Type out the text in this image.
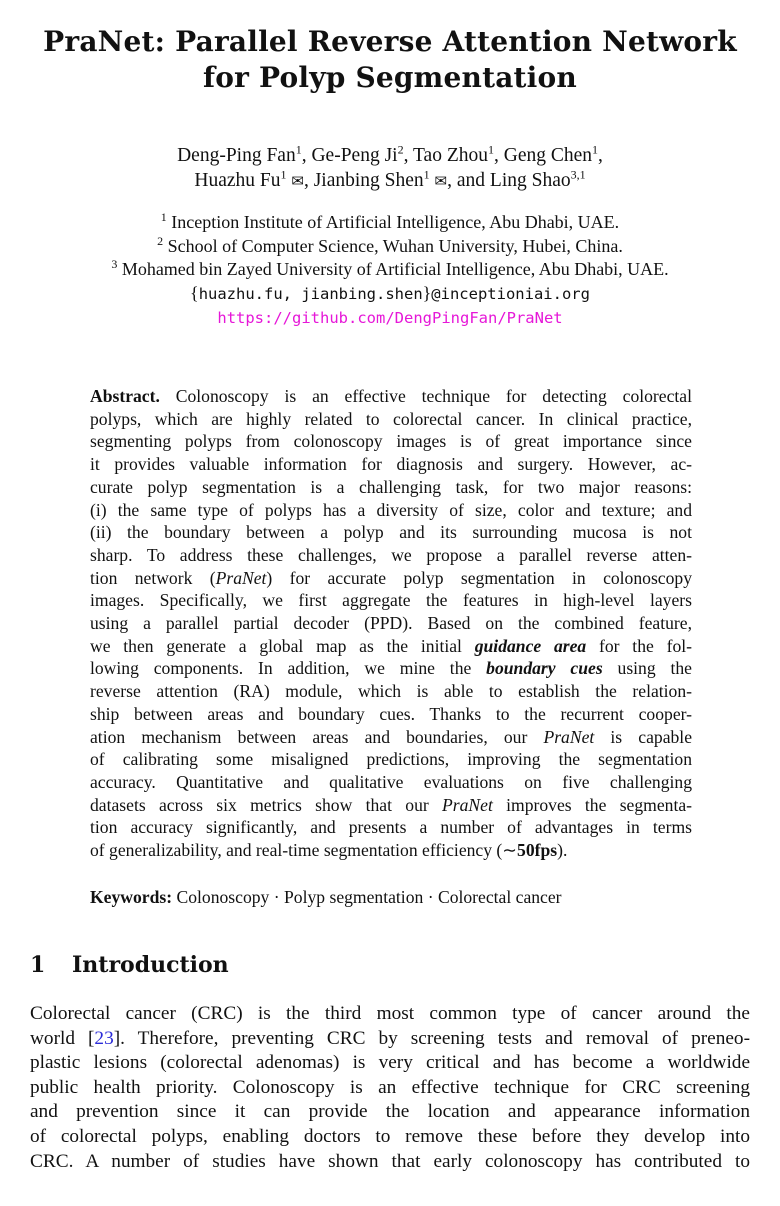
PraNet: Parallel Reverse Attention Network
for Polyp Segmentation
Deng-Ping Fan$^1$, Ge-Peng Ji$^2$, Tao Zhou$^1$, Geng Chen$^1$,
Huazhu Fu$^1$ ✉, Jianbing Shen$^1$ ✉, and Ling Shao$^{3,1}$
$^1$ Inception Institute of Artificial Intelligence, Abu Dhabi, UAE.
$^2$ School of Computer Science, Wuhan University, Hubei, China.
$^3$ Mohamed bin Zayed University of Artificial Intelligence, Abu Dhabi, UAE.
{huazhu.fu, jianbing.shen}@inceptioniai.org
https://github.com/DengPingFan/PraNet
Abstract. Colonoscopy is an effective technique for detecting colorectal
polyps, which are highly related to colorectal cancer. In clinical practice,
segmenting polyps from colonoscopy images is of great importance since
it provides valuable information for diagnosis and surgery. However, ac-
curate polyp segmentation is a challenging task, for two major reasons:
(i) the same type of polyps has a diversity of size, color and texture; and
(ii) the boundary between a polyp and its surrounding mucosa is not
sharp. To address these challenges, we propose a parallel reverse atten-
tion network (PraNet) for accurate polyp segmentation in colonoscopy
images. Specifically, we first aggregate the features in high-level layers
using a parallel partial decoder (PPD). Based on the combined feature,
we then generate a global map as the initial guidance area for the fol-
lowing components. In addition, we mine the boundary cues using the
reverse attention (RA) module, which is able to establish the relation-
ship between areas and boundary cues. Thanks to the recurrent cooper-
ation mechanism between areas and boundaries, our PraNet is capable
of calibrating some misaligned predictions, improving the segmentation
accuracy. Quantitative and qualitative evaluations on five challenging
datasets across six metrics show that our PraNet improves the segmenta-
tion accuracy significantly, and presents a number of advantages in terms
of generalizability, and real-time segmentation efficiency (∼50fps).
Keywords: Colonoscopy · Polyp segmentation · Colorectal cancer
1 Introduction
Colorectal cancer (CRC) is the third most common type of cancer around the
world [23]. Therefore, preventing CRC by screening tests and removal of preneo-
plastic lesions (colorectal adenomas) is very critical and has become a worldwide
public health priority. Colonoscopy is an effective technique for CRC screening
and prevention since it can provide the location and appearance information
of colorectal polyps, enabling doctors to remove these before they develop into
CRC. A number of studies have shown that early colonoscopy has contributed to
